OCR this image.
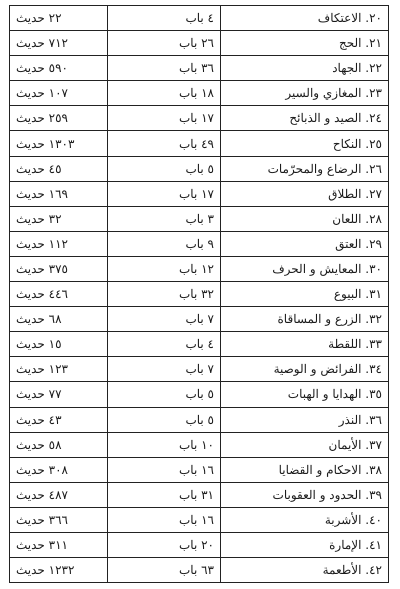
٢٠. الاعتكاف	٤ باب	٢٢ حديث
٢١. الحج	٢٦ باب	٧١٢ حديث
٢٢. الجهاد	٣٦ باب	٥٩٠ حديث
٢٣. المغازي والسير	١٨ باب	١٠٧ حديث
٢٤. الصيد و الذبائح	١٧ باب	٢٥٩ حديث
٢٥. النكاح	٤٩ باب	١٣٠٣ حديث
٢٦. الرضاع والمحرّمات	٥ باب	٤٥ حديث
٢٧. الطلاق	١٧ باب	١٦٩ حديث
٢٨. اللعان	٣ باب	٣٢ حديث
٢٩. العتق	٩ باب	١١٢ حديث
٣٠. المعايش و الحرف	١٢ باب	٣٧٥ حديث
٣١. البيوع	٣٢ باب	٤٤٦ حديث
٣٢. الزرع و المساقاة	٧ باب	٦٨ حديث
٣٣. اللقطة	٤ باب	١٥ حديث
٣٤. الفرائض و الوصية	٧ باب	١٢٣ حديث
٣٥. الهدايا و الهبات	٥ باب	٧٧ حديث
٣٦. النذر	٥ باب	٤٣ حديث
٣٧. الأيمان	١٠ باب	٥٨ حديث
٣٨. الاحكام و القضايا	١٦ باب	٣٠٨ حديث
٣٩. الحدود و العقوبات	٣١ باب	٤٨٧ حديث
٤٠. الأشربة	١٦ باب	٣٦٦ حديث
٤١. الإمارة	٢٠ باب	٣١١ حديث
٤٢. الأطعمة	٦٣ باب	١٢٣٢ حديث
